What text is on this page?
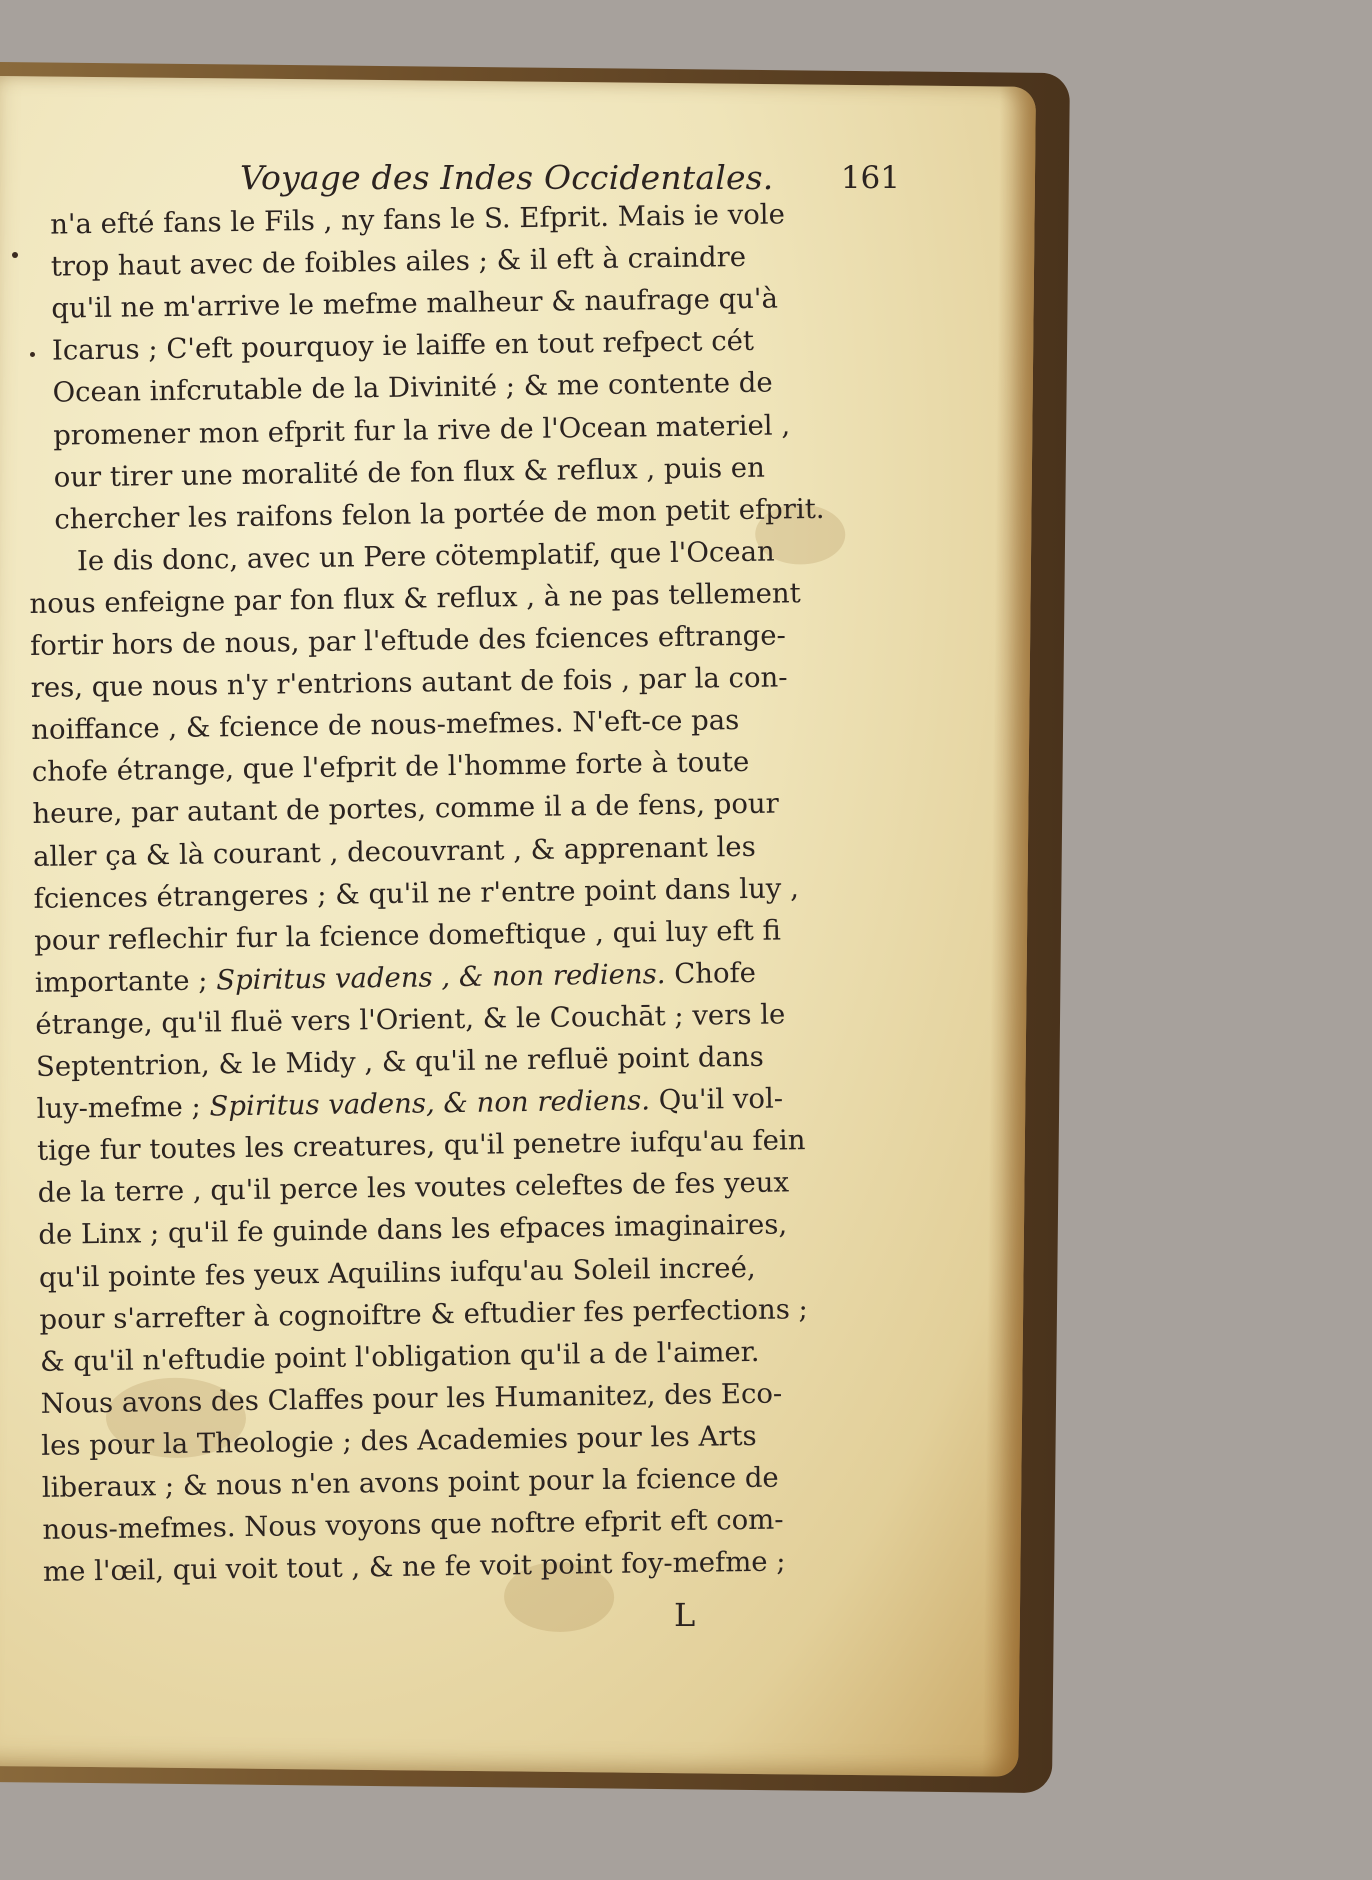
Voyage des Indes Occidentales. 161
n'a efté fans le Fils , ny fans le S. Efprit. Mais ie vole
trop haut avec de foibles ailes ; & il eft à craindre
qu'il ne m'arrive le mefme malheur & naufrage qu'à
Icarus ; C'eft pourquoy ie laiffe en tout refpect cét
Ocean infcrutable de la Divinité ; & me contente de
promener mon efprit fur la rive de l'Ocean materiel ,
our tirer une moralité de fon flux & reflux , puis en
chercher les raifons felon la portée de mon petit efprit.
Ie dis donc, avec un Pere cötemplatif, que l'Ocean
nous enfeigne par fon flux & reflux , à ne pas tellement
fortir hors de nous, par l'eftude des fciences eftrange-
res, que nous n'y r'entrions autant de fois , par la con-
noiffance , & fcience de nous-mefmes. N'eft-ce pas
chofe étrange, que l'efprit de l'homme forte à toute
heure, par autant de portes, comme il a de fens, pour
aller ça & là courant , decouvrant , & apprenant les
fciences étrangeres ; & qu'il ne r'entre point dans luy ,
pour reflechir fur la fcience domeftique , qui luy eft fi
importante ; Spiritus vadens , & non rediens. Chofe
étrange, qu'il fluë vers l'Orient, & le Couchāt ; vers le
Septentrion, & le Midy , & qu'il ne refluë point dans
luy-mefme ; Spiritus vadens, & non rediens. Qu'il vol-
tige fur toutes les creatures, qu'il penetre iufqu'au fein
de la terre , qu'il perce les voutes celeftes de fes yeux
de Linx ; qu'il fe guinde dans les efpaces imaginaires,
qu'il pointe fes yeux Aquilins iufqu'au Soleil increé,
pour s'arrefter à cognoiftre & eftudier fes perfections ;
& qu'il n'eftudie point l'obligation qu'il a de l'aimer.
Nous avons des Claffes pour les Humanitez, des Eco-
les pour la Theologie ; des Academies pour les Arts
liberaux ; & nous n'en avons point pour la fcience de
nous-mefmes. Nous voyons que noftre efprit eft com-
me l'œil, qui voit tout , & ne fe voit point foy-mefme ;
L
